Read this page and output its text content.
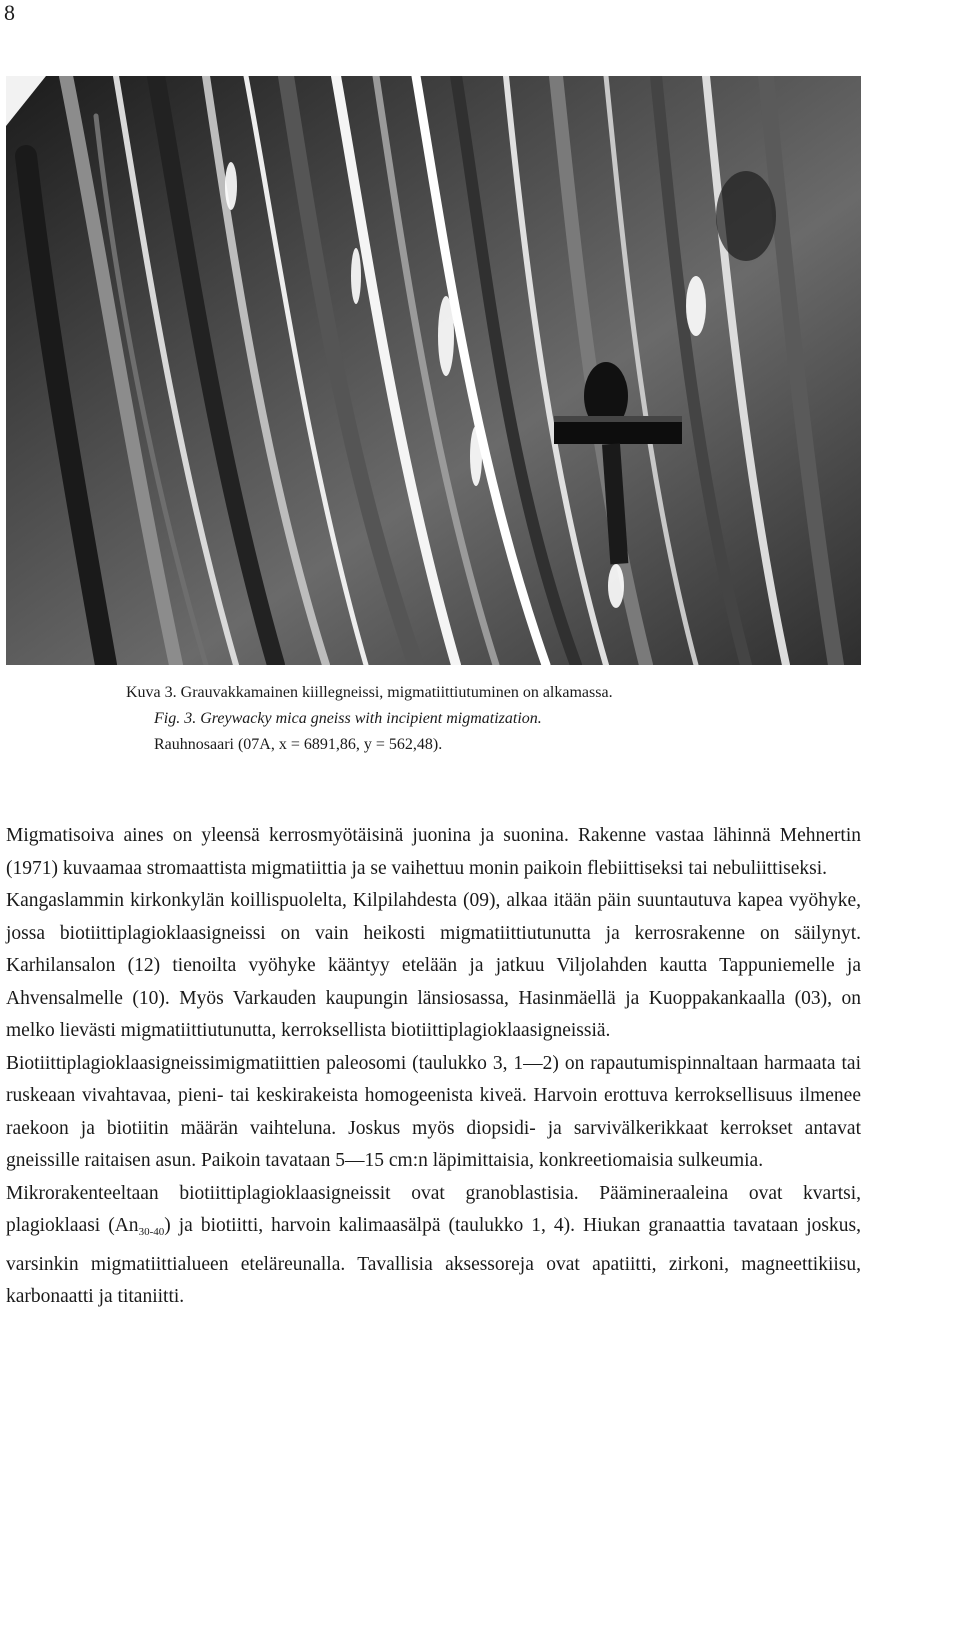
8
Kuva 3. Grauvakkamainen kiillegneissi, migmatiittiutuminen on alkamassa.
Fig. 3. Greywacky mica gneiss with incipient migmatization.
Rauhnosaari (07A, x = 6891,86, y = 562,48).

Migmatisoiva aines on yleensä kerrosmyötäisinä juonina ja suonina. Rakenne vastaa lähinnä Mehnertin (1971) kuvaamaa stromaattista migmatiittia ja se vaihettuu monin paikoin flebiittiseksi tai nebuliittiseksi.

Kangaslammin kirkonkylän koillispuolelta, Kilpilahdesta (09), alkaa itään päin suuntautuva kapea vyöhyke, jossa biotiittiplagioklaasigneissi on vain heikosti migmatiittiutunutta ja kerrosrakenne on säilynyt. Karhilansalon (12) tienoilta vyöhyke kääntyy etelään ja jatkuu Viljolahden kautta Tappuniemelle ja Ahvensalmelle (10). Myös Varkauden kaupungin länsiosassa, Hasinmäellä ja Kuoppakankaalla (03), on melko lievästi migmatiittiutunutta, kerroksellista biotiittiplagioklaasigneissiä.

Biotiittiplagioklaasigneissimigmatiittien paleosomi (taulukko 3, 1—2) on rapautumispinnaltaan harmaata tai ruskeaan vivahtavaa, pieni- tai keskirakeista homogeenista kiveä. Harvoin erottuva kerroksellisuus ilmenee raekoon ja biotiitin määrän vaihteluna. Joskus myös diopsidi- ja sarvivälkerikkaat kerrokset antavat gneissille raitaisen asun. Paikoin tavataan 5—15 cm:n läpimittaisia, konkreetiomaisia sulkeumia.

Mikrorakenteeltaan biotiittiplagioklaasigneissit ovat granoblastisia. Päämineraaleina ovat kvartsi, plagioklaasi $(An_{30-40})$ ja biotiitti, harvoin kalimaasälpä (taulukko 1, 4). Hiukan granaattia tavataan joskus, varsinkin migmatiittialueen eteläreunalla. Tavallisia aksessoreja ovat apatiitti, zirkoni, magneettikiisu, karbonaatti ja titaniitti.
